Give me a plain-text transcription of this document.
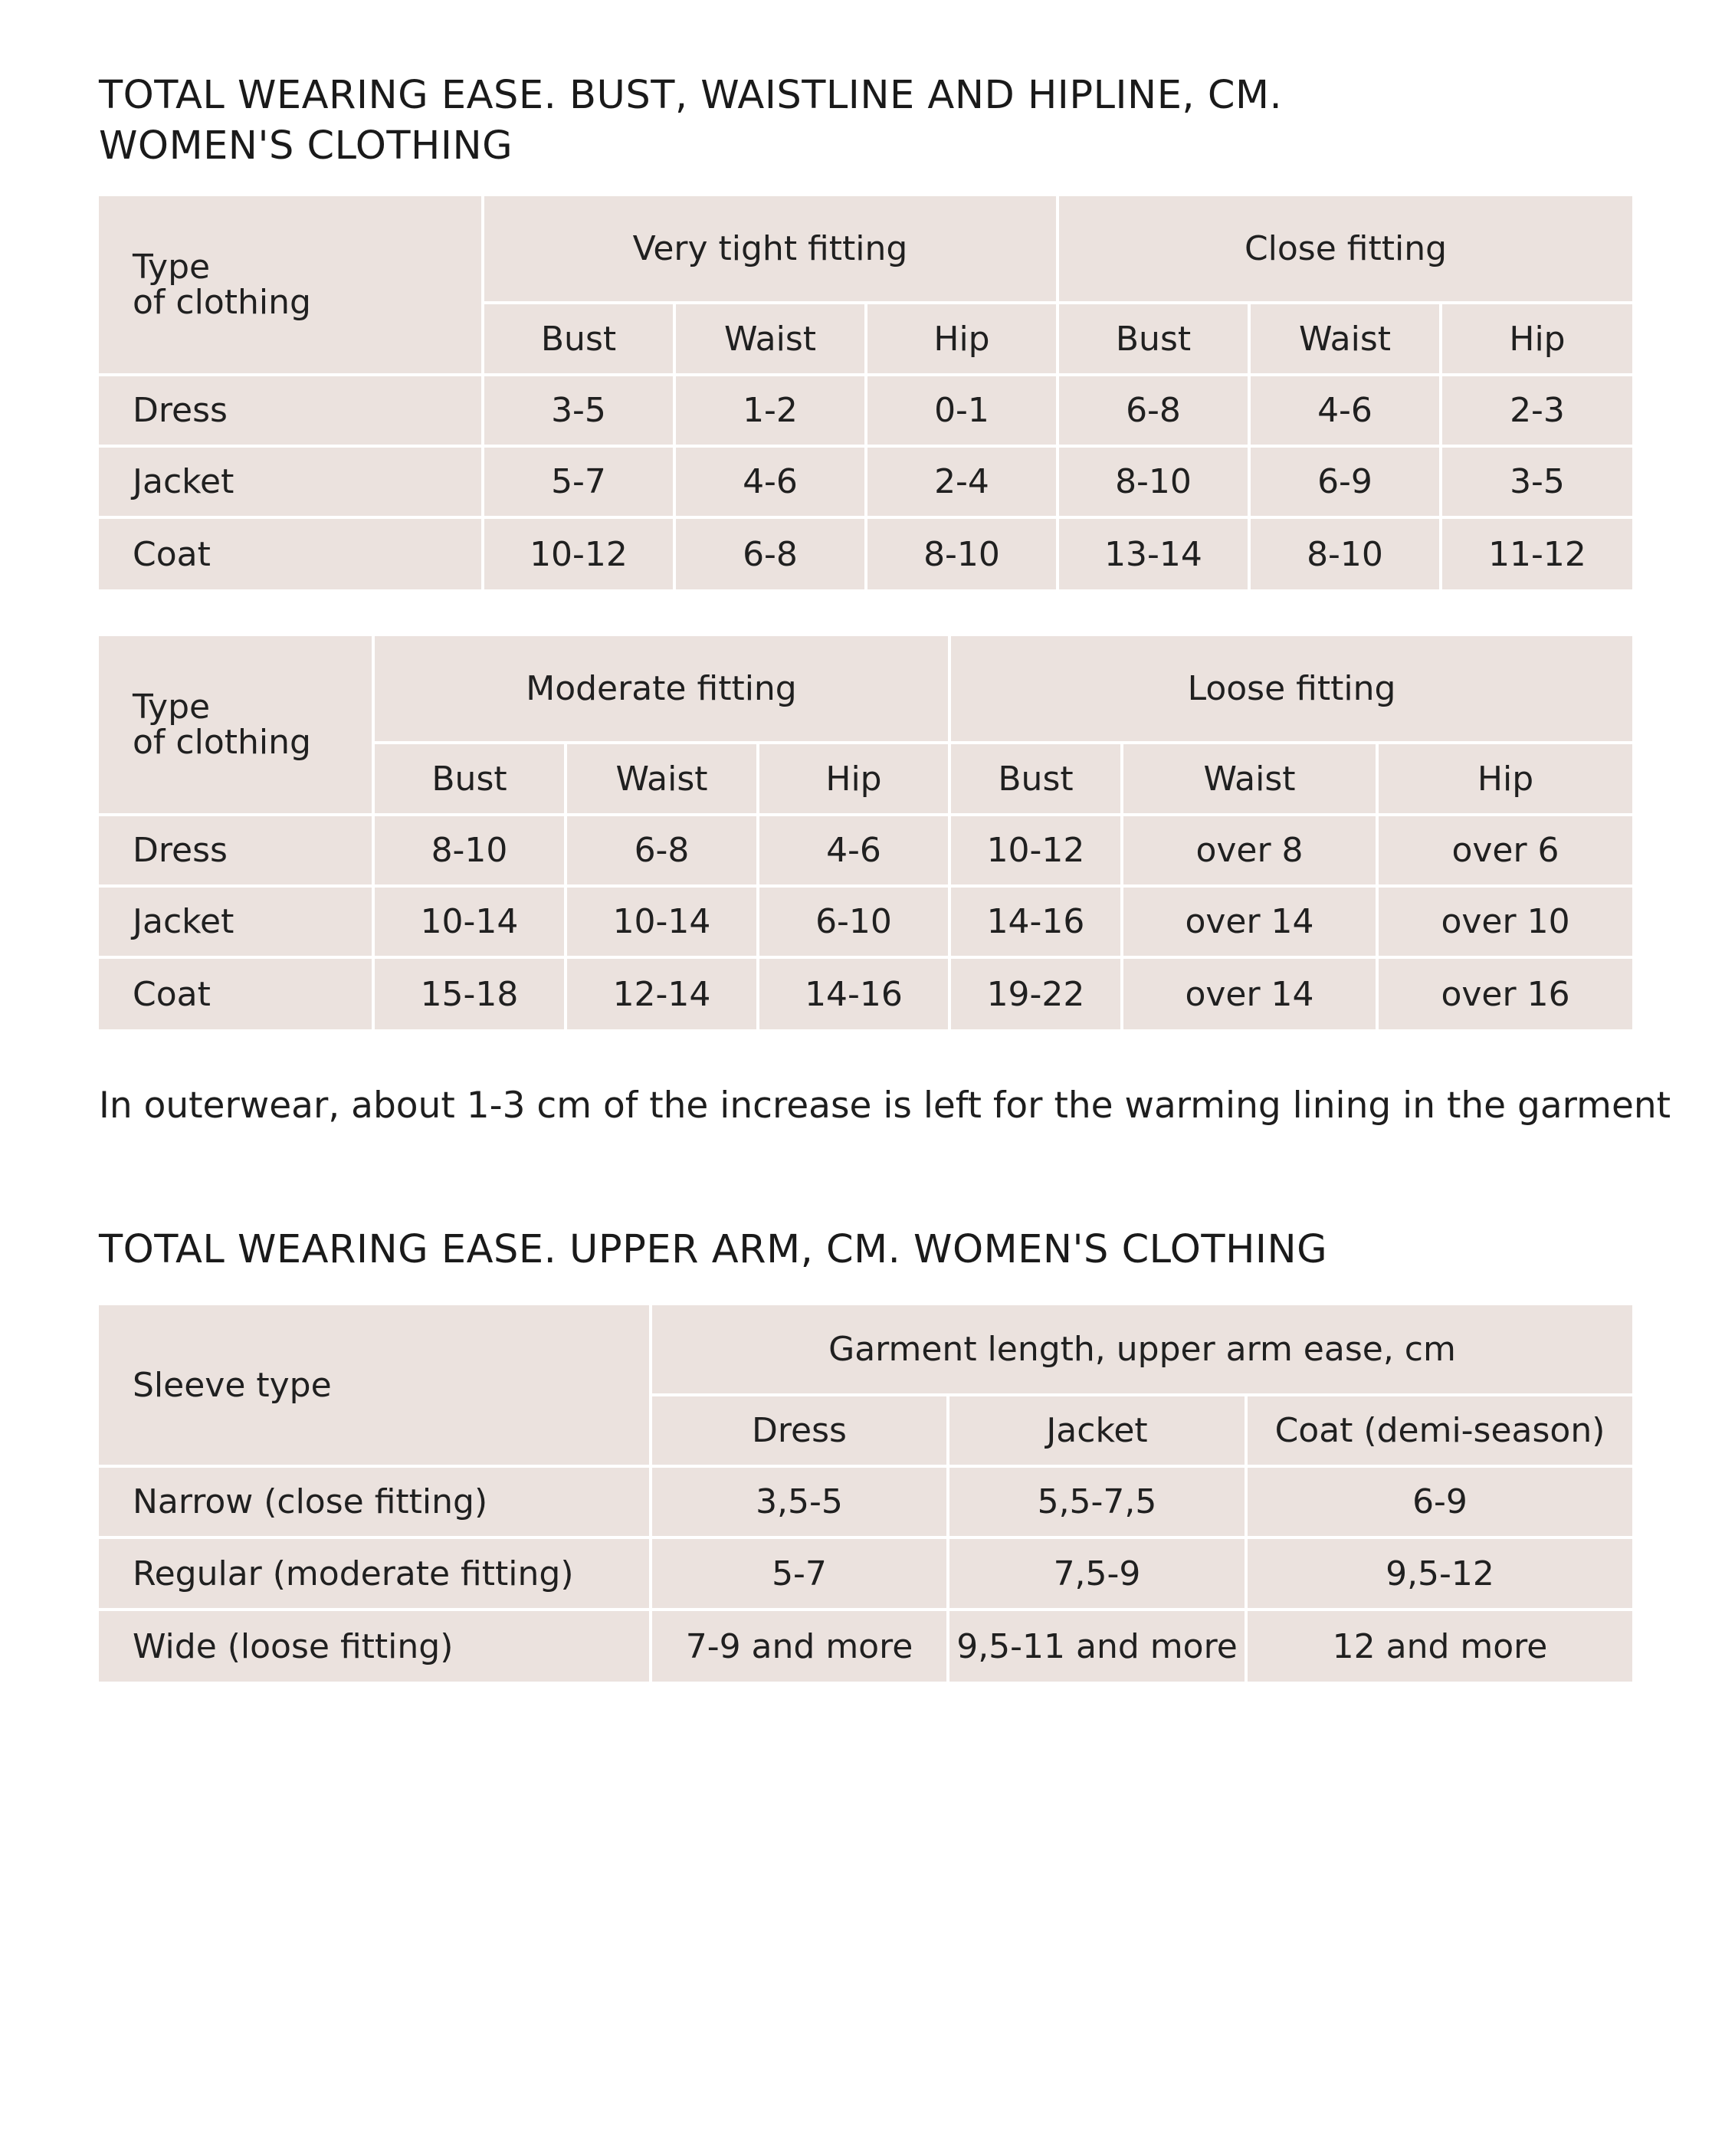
TOTAL WEARING EASE. BUST, WAISTLINE AND HIPLINE, CM.
WOMEN'S CLOTHING
Type
of clothing	Very tight fitting			Close fitting		
	Bust	Waist	Hip	Bust	Waist	Hip
Dress	3-5	1-2	0-1	6-8	4-6	2-3
Jacket	5-7	4-6	2-4	8-10	6-9	3-5
Coat	10-12	6-8	8-10	13-14	8-10	11-12
Type
of clothing	Moderate fitting			Loose fitting		
	Bust	Waist	Hip	Bust	Waist	Hip
Dress	8-10	6-8	4-6	10-12	over 8	over 6
Jacket	10-14	10-14	6-10	14-16	over 14	over 10
Coat	15-18	12-14	14-16	19-22	over 14	over 16

In outerwear, about 1-3 cm of the increase is left for the warming lining in the garment

TOTAL WEARING EASE. UPPER ARM, CM. WOMEN'S CLOTHING
Sleeve type	Garment length, upper arm ease, cm		
	Dress	Jacket	Coat (demi-season)
Narrow (close fitting)	3,5-5	5,5-7,5	6-9
Regular (moderate fitting)	5-7	7,5-9	9,5-12
Wide (loose fitting)	7-9 and more	9,5-11 and more	12 and more
